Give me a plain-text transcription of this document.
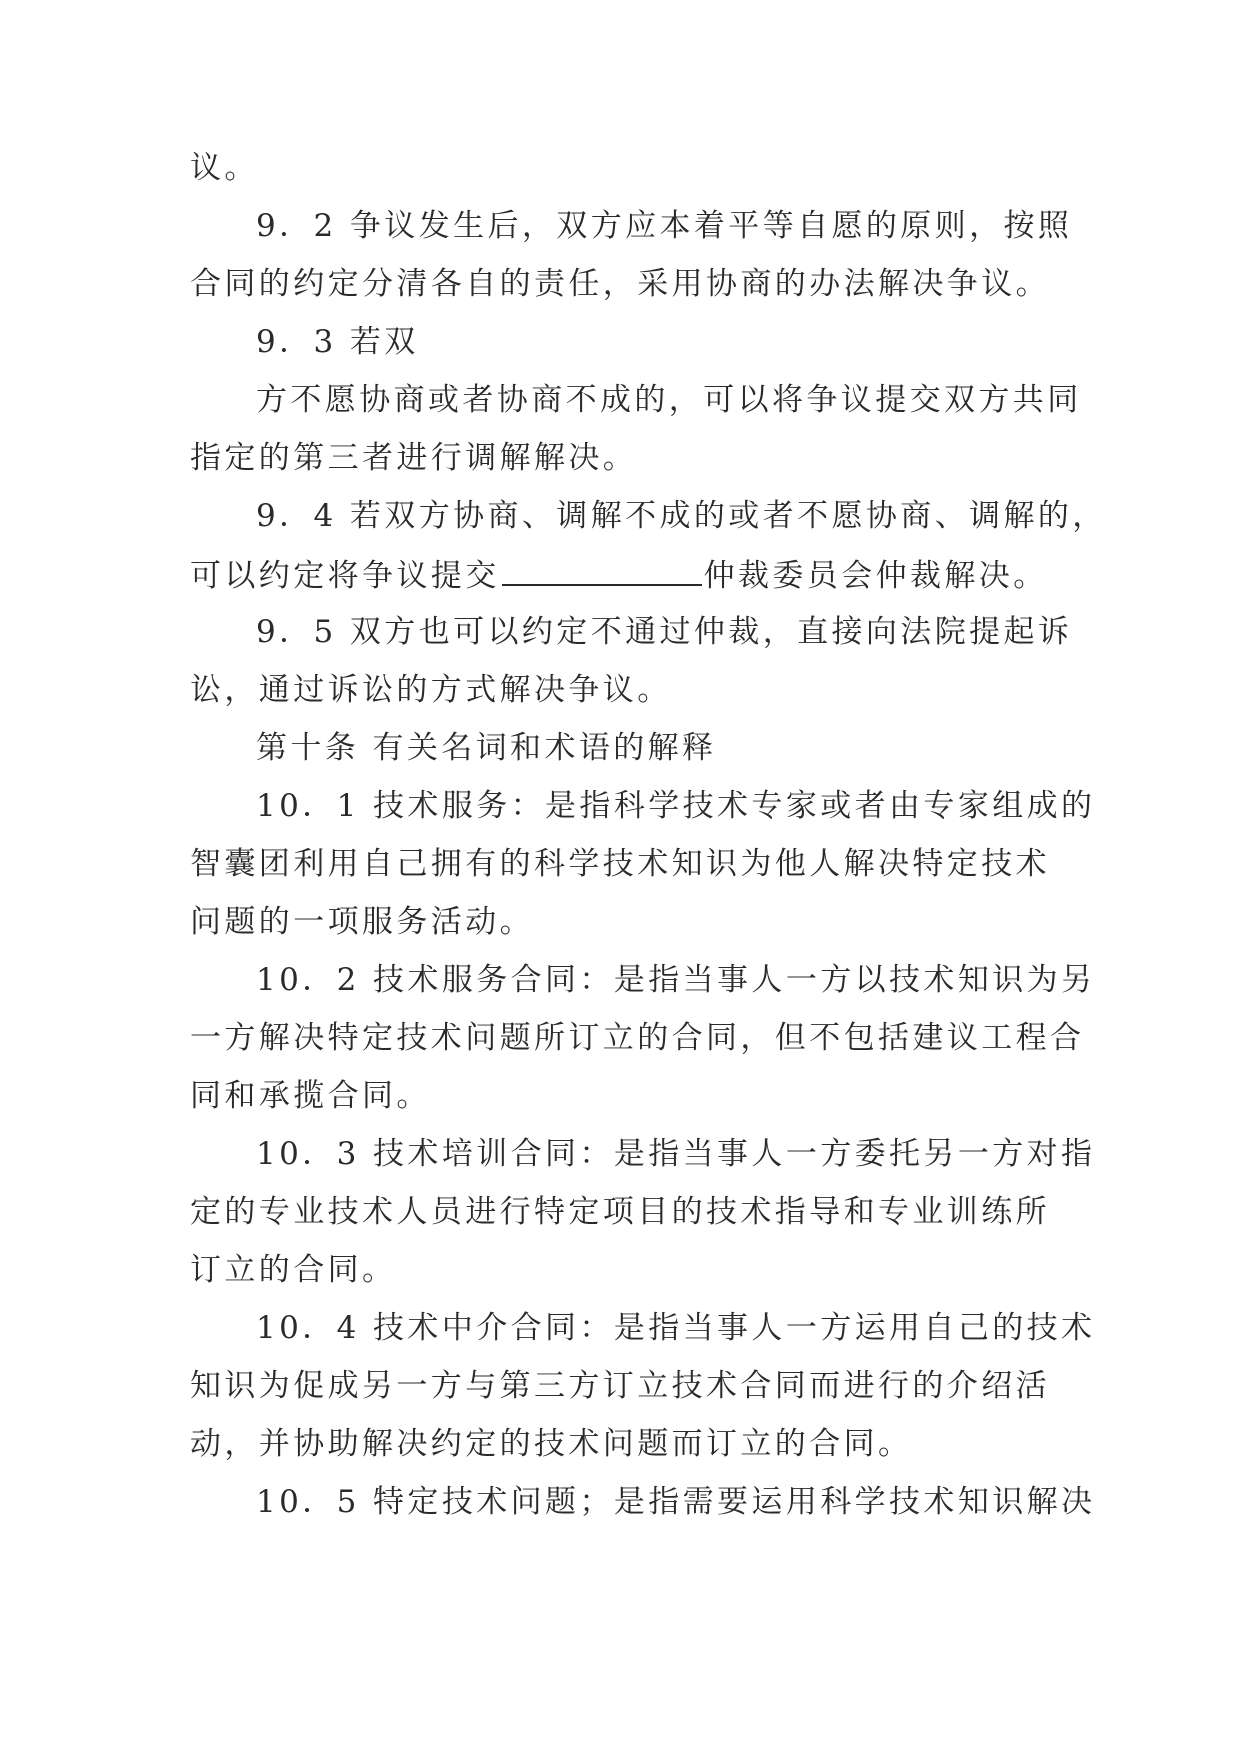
议。
9．2 争议发生后，双方应本着平等自愿的原则，按照
合同的约定分清各自的责任，采用协商的办法解决争议。
9．3 若双
方不愿协商或者协商不成的，可以将争议提交双方共同
指定的第三者进行调解解决。
9．4 若双方协商、调解不成的或者不愿协商、调解的，
可以约定将争议提交	仲裁委员会仲裁解决。
9．5 双方也可以约定不通过仲裁，直接向法院提起诉
讼，通过诉讼的方式解决争议。
第十条 有关名词和术语的解释
10．1 技术服务：是指科学技术专家或者由专家组成的
智囊团利用自己拥有的科学技术知识为他人解决特定技术
问题的一项服务活动。
10．2 技术服务合同：是指当事人一方以技术知识为另
一方解决特定技术问题所订立的合同，但不包括建议工程合
同和承揽合同。
10．3 技术培训合同：是指当事人一方委托另一方对指
定的专业技术人员进行特定项目的技术指导和专业训练所
订立的合同。
10．4 技术中介合同：是指当事人一方运用自己的技术
知识为促成另一方与第三方订立技术合同而进行的介绍活
动，并协助解决约定的技术问题而订立的合同。
10．5 特定技术问题；是指需要运用科学技术知识解决
